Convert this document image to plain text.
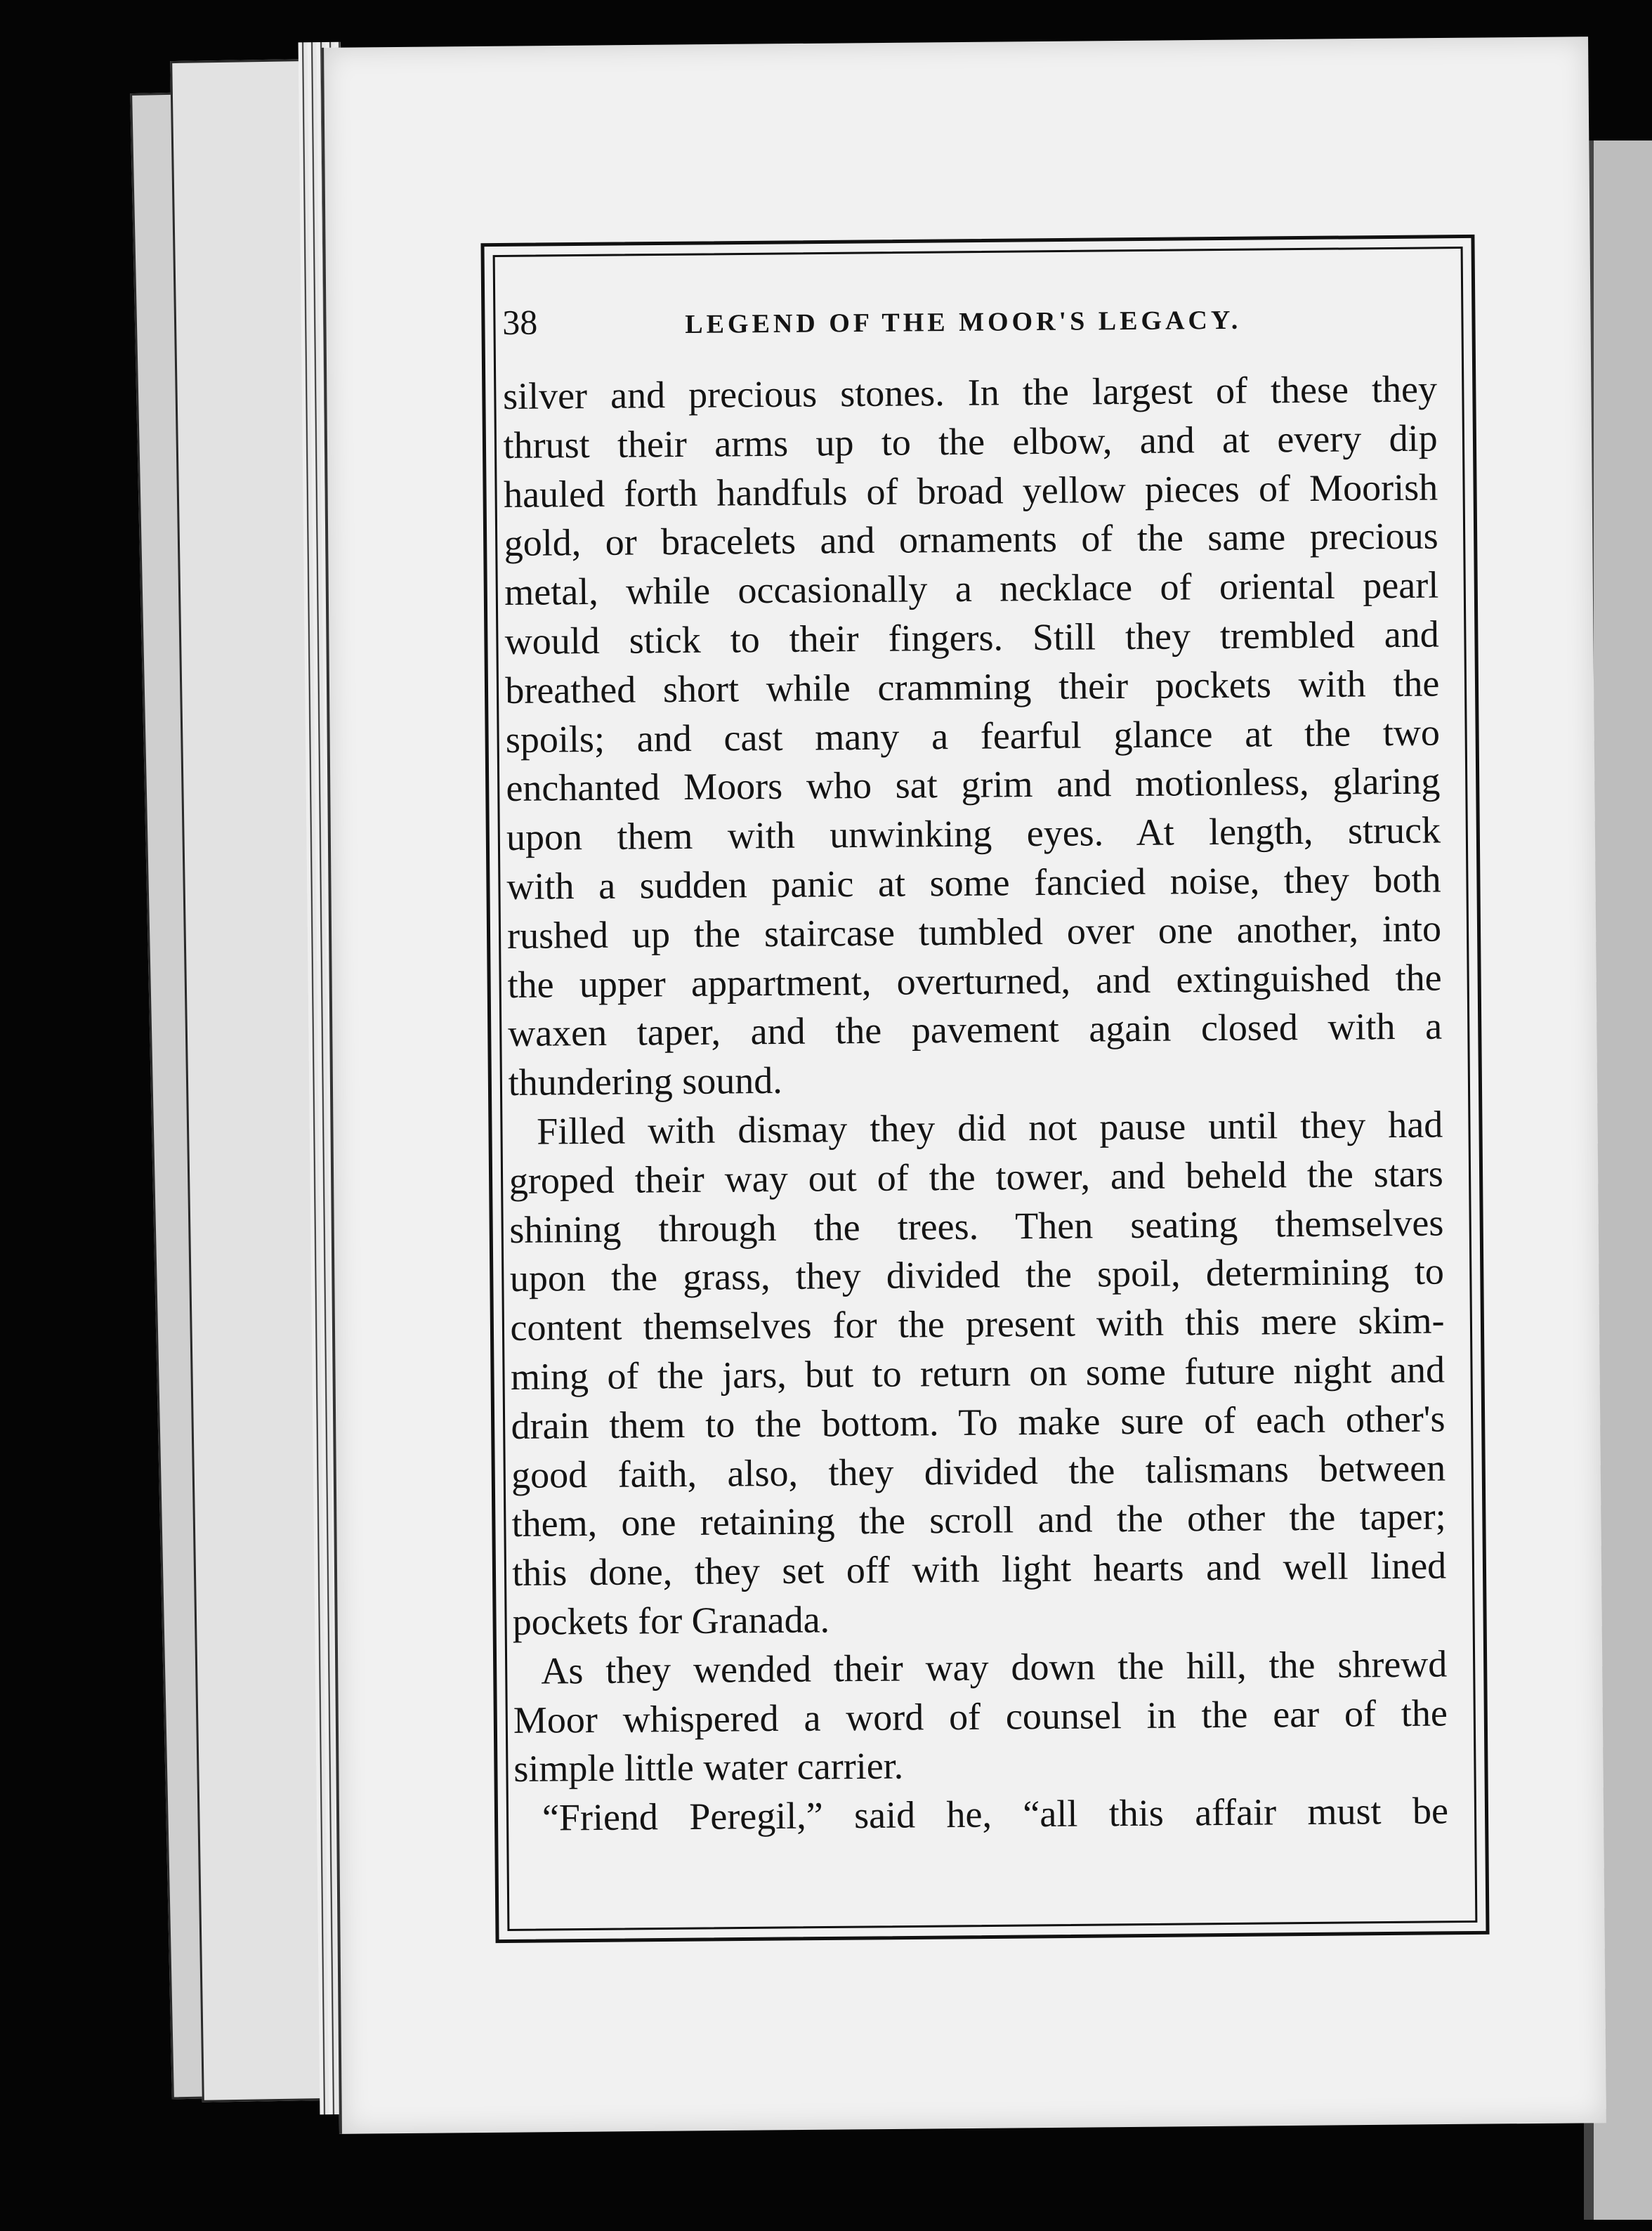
38	LEGEND OF THE MOOR'S LEGACY.
silver and precious stones. In the largest of these they
thrust their arms up to the elbow, and at every dip
hauled forth handfuls of broad yellow pieces of Moorish
gold, or bracelets and ornaments of the same precious
metal, while occasionally a necklace of oriental pearl
would stick to their fingers. Still they trembled and
breathed short while cramming their pockets with the
spoils; and cast many a fearful glance at the two
enchanted Moors who sat grim and motionless, glaring
upon them with unwinking eyes. At length, struck
with a sudden panic at some fancied noise, they both
rushed up the staircase tumbled over one another, into
the upper appartment, overturned, and extinguished the
waxen taper, and the pavement again closed with a
thundering sound.
Filled with dismay they did not pause until they had
groped their way out of the tower, and beheld the stars
shining through the trees. Then seating themselves
upon the grass, they divided the spoil, determining to
content themselves for the present with this mere skim-
ming of the jars, but to return on some future night and
drain them to the bottom. To make sure of each other's
good faith, also, they divided the talismans between
them, one retaining the scroll and the other the taper;
this done, they set off with light hearts and well lined
pockets for Granada.
As they wended their way down the hill, the shrewd
Moor whispered a word of counsel in the ear of the
simple little water carrier.
“Friend Peregil,” said he, “all this affair must be
